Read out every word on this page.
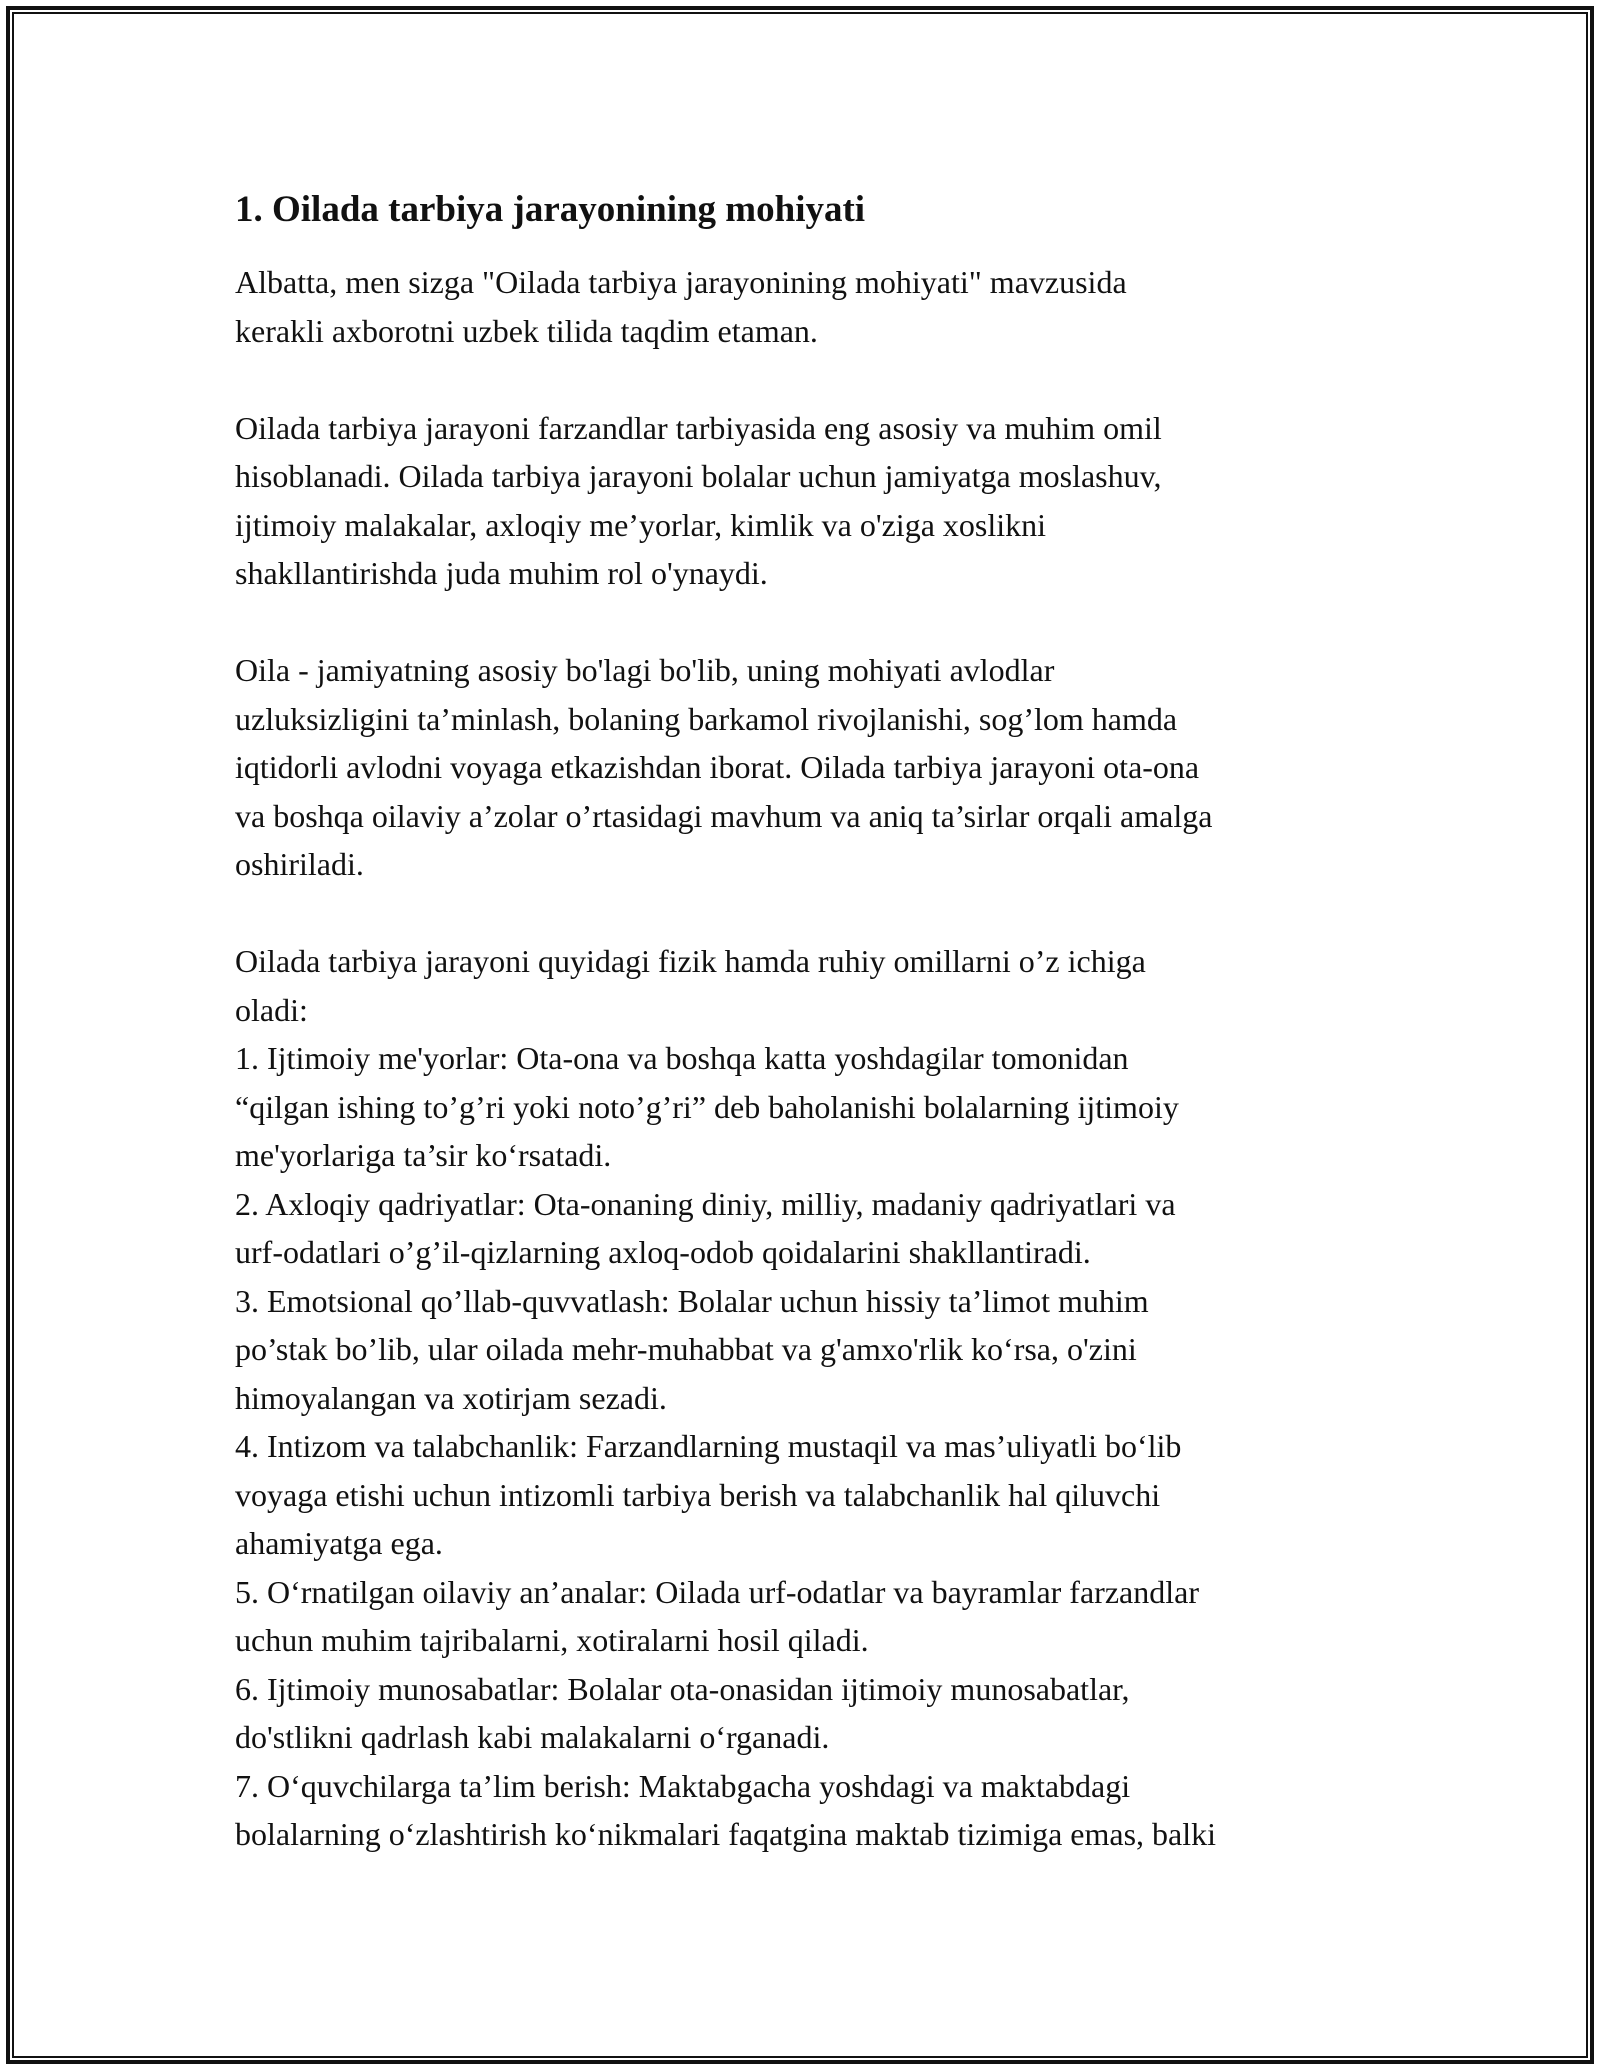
1. Oilada tarbiya jarayonining mohiyati

Albatta, men sizga "Oilada tarbiya jarayonining mohiyati" mavzusida

kerakli axborotni uzbek tilida taqdim etaman.

Oilada tarbiya jarayoni farzandlar tarbiyasida eng asosiy va muhim omil

hisoblanadi. Oilada tarbiya jarayoni bolalar uchun jamiyatga moslashuv,

ijtimoiy malakalar, axloqiy me’yorlar, kimlik va o'ziga xoslikni

shakllantirishda juda muhim rol o'ynaydi.

Oila - jamiyatning asosiy bo'lagi bo'lib, uning mohiyati avlodlar

uzluksizligini ta’minlash, bolaning barkamol rivojlanishi, sog’lom hamda

iqtidorli avlodni voyaga etkazishdan iborat. Oilada tarbiya jarayoni ota-ona

va boshqa oilaviy a’zolar o’rtasidagi mavhum va aniq ta’sirlar orqali amalga

oshiriladi.

Oilada tarbiya jarayoni quyidagi fizik hamda ruhiy omillarni o’z ichiga

oladi:

1. Ijtimoiy me'yorlar: Ota-ona va boshqa katta yoshdagilar tomonidan

“qilgan ishing to’g’ri yoki noto’g’ri” deb baholanishi bolalarning ijtimoiy

me'yorlariga ta’sir ko‘rsatadi.

2. Axloqiy qadriyatlar: Ota-onaning diniy, milliy, madaniy qadriyatlari va

urf-odatlari o’g’il-qizlarning axloq-odob qoidalarini shakllantiradi.

3. Emotsional qo’llab-quvvatlash: Bolalar uchun hissiy ta’limot muhim

po’stak bo’lib, ular oilada mehr-muhabbat va g'amxo'rlik ko‘rsa, o'zini

himoyalangan va xotirjam sezadi.

4. Intizom va talabchanlik: Farzandlarning mustaqil va mas’uliyatli bo‘lib

voyaga etishi uchun intizomli tarbiya berish va talabchanlik hal qiluvchi

ahamiyatga ega.

5. O‘rnatilgan oilaviy an’analar: Oilada urf-odatlar va bayramlar farzandlar

uchun muhim tajribalarni, xotiralarni hosil qiladi.

6. Ijtimoiy munosabatlar: Bolalar ota-onasidan ijtimoiy munosabatlar,

do'stlikni qadrlash kabi malakalarni o‘rganadi.

7. O‘quvchilarga ta’lim berish: Maktabgacha yoshdagi va maktabdagi

bolalarning o‘zlashtirish ko‘nikmalari faqatgina maktab tizimiga emas, balki
